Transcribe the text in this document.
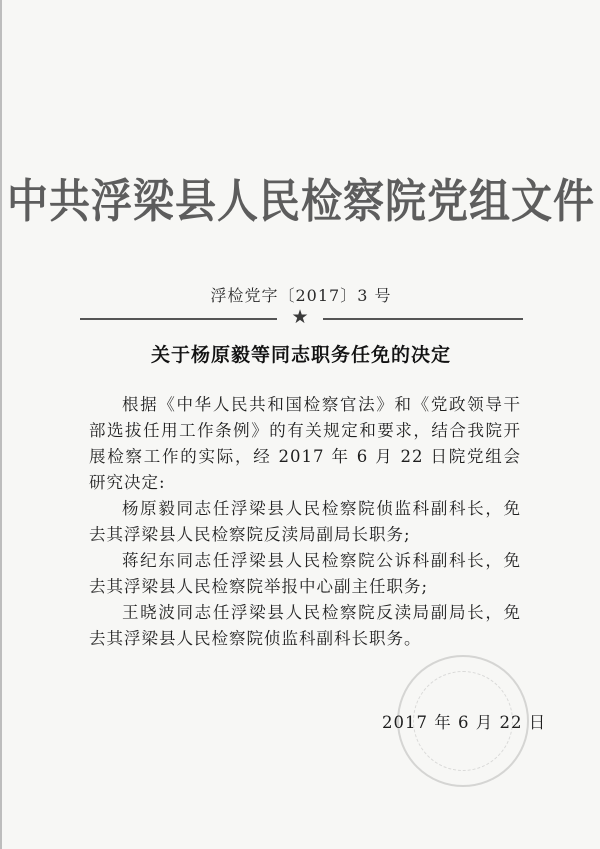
中共浮梁县人民检察院党组文件
浮检党字〔2017〕3 号
★
关于杨原毅等同志职务任免的决定

根据《中华人民共和国检察官法》和《党政领导干部选拔任用工作条例》的有关规定和要求，结合我院开展检察工作的实际，经 2017 年 6 月 22 日院党组会研究决定:

杨原毅同志任浮梁县人民检察院侦监科副科长，免去其浮梁县人民检察院反渎局副局长职务;

蒋纪东同志任浮梁县人民检察院公诉科副科长，免去其浮梁县人民检察院举报中心副主任职务;

王晓波同志任浮梁县人民检察院反渎局副局长，免去其浮梁县人民检察院侦监科副科长职务。

2017 年 6 月 22 日
